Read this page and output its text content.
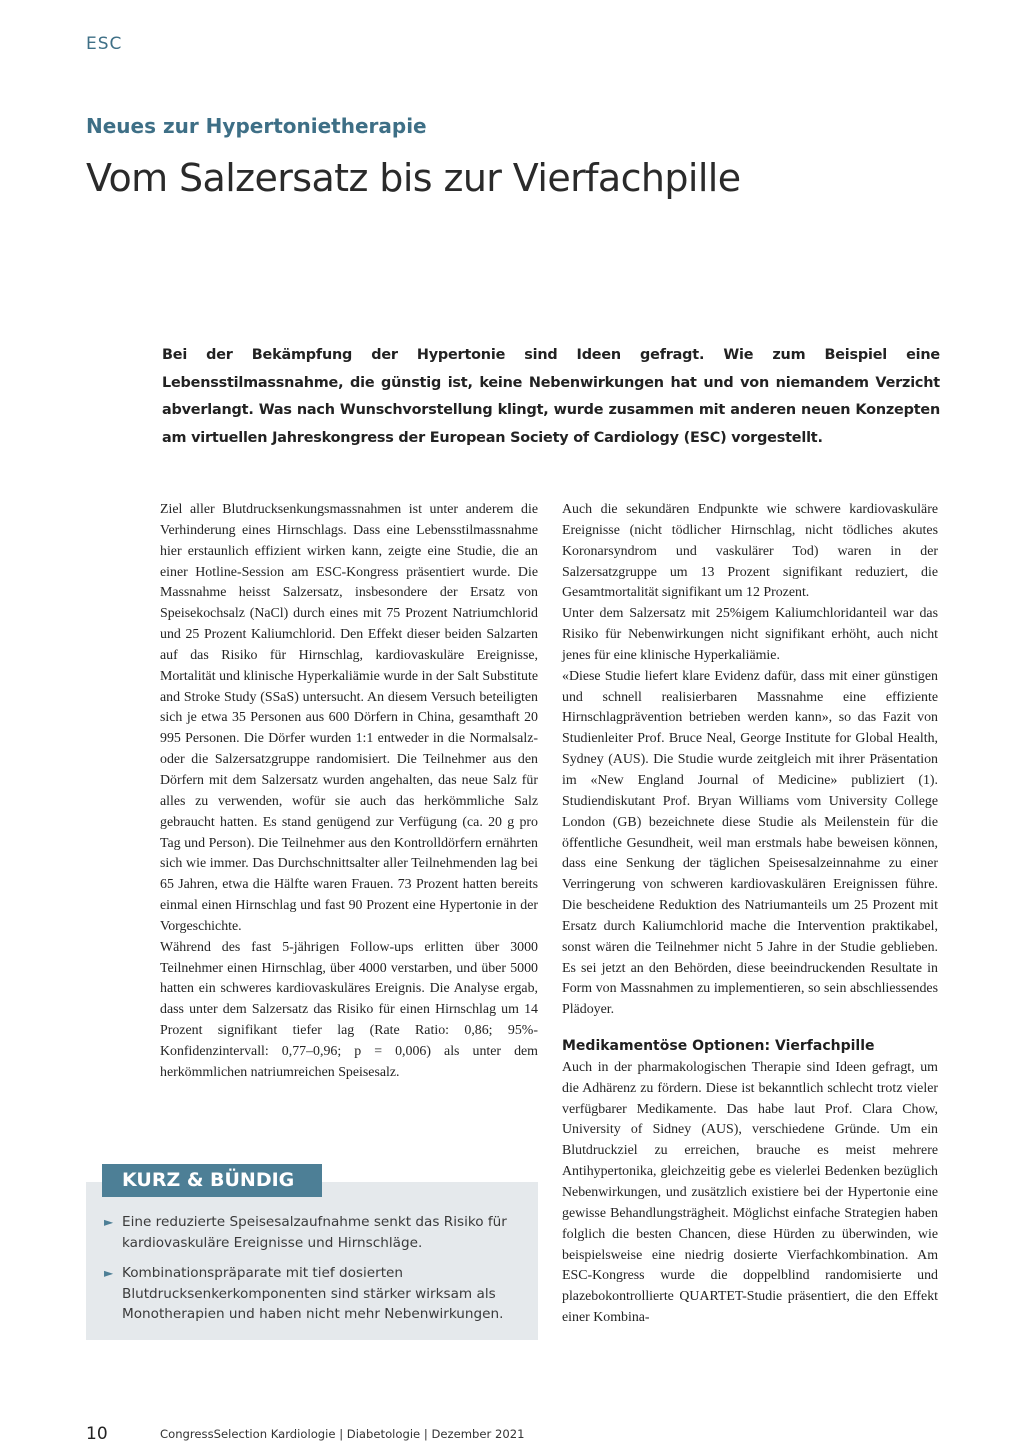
ESC
Neues zur Hypertonietherapie
Vom Salzersatz bis zur Vierfachpille
Bei der Bekämpfung der Hypertonie sind Ideen gefragt. Wie zum Beispiel eine Lebensstilmassnahme, die günstig ist, keine Nebenwirkungen hat und von niemandem Verzicht abverlangt. Was nach Wunschvorstellung klingt, wurde zusammen mit anderen neuen Konzepten am virtuellen Jahreskongress der European Society of Cardiology (ESC) vorgestellt.

Ziel aller Blutdrucksenkungsmassnahmen ist unter anderem die Verhinderung eines Hirnschlags. Dass eine Lebensstilmassnahme hier erstaunlich effizient wirken kann, zeigte eine Studie, die an einer Hotline-Session am ESC-Kongress präsentiert wurde. Die Massnahme heisst Salzersatz, insbesondere der Ersatz von Speisekochsalz (NaCl) durch eines mit 75 Prozent Natriumchlorid und 25 Prozent Kaliumchlorid. Den Effekt dieser beiden Salzarten auf das Risiko für Hirnschlag, kardiovaskuläre Ereignisse, Mortalität und klinische Hyperkaliämie wurde in der Salt Substitute and Stroke Study (SSaS) untersucht. An diesem Versuch beteiligten sich je etwa 35 Personen aus 600 Dörfern in China, gesamthaft 20 995 Personen. Die Dörfer wurden 1:1 entweder in die Normalsalz- oder die Salzersatzgruppe randomisiert. Die Teilnehmer aus den Dörfern mit dem Salzersatz wurden angehalten, das neue Salz für alles zu verwenden, wofür sie auch das herkömmliche Salz gebraucht hatten. Es stand genügend zur Verfügung (ca. 20 g pro Tag und Person). Die Teilnehmer aus den Kontrolldörfern ernährten sich wie immer. Das Durchschnittsalter aller Teilnehmenden lag bei 65 Jahren, etwa die Hälfte waren Frauen. 73 Prozent hatten bereits einmal einen Hirnschlag und fast 90 Prozent eine Hypertonie in der Vorgeschichte.

Während des fast 5-jährigen Follow-ups erlitten über 3000 Teilnehmer einen Hirnschlag, über 4000 verstarben, und über 5000 hatten ein schweres kardiovaskuläres Ereignis. Die Analyse ergab, dass unter dem Salzersatz das Risiko für einen Hirnschlag um 14 Prozent signifikant tiefer lag (Rate Ratio: 0,86; 95%-Konfidenzintervall: 0,77–0,96; p = 0,006) als unter dem herkömmlichen natriumreichen Speisesalz.

Auch die sekundären Endpunkte wie schwere kardiovaskuläre Ereignisse (nicht tödlicher Hirnschlag, nicht tödliches akutes Koronarsyndrom und vaskulärer Tod) waren in der Salzersatzgruppe um 13 Prozent signifikant reduziert, die Gesamtmortalität signifikant um 12 Prozent.

Unter dem Salzersatz mit 25%igem Kaliumchloridanteil war das Risiko für Nebenwirkungen nicht signifikant erhöht, auch nicht jenes für eine klinische Hyperkaliämie.

«Diese Studie liefert klare Evidenz dafür, dass mit einer günstigen und schnell realisierbaren Massnahme eine effiziente Hirnschlagprävention betrieben werden kann», so das Fazit von Studienleiter Prof. Bruce Neal, George Institute for Global Health, Sydney (AUS). Die Studie wurde zeitgleich mit ihrer Präsentation im «New England Journal of Medicine» publiziert (1). Studiendiskutant Prof. Bryan Williams vom University College London (GB) bezeichnete diese Studie als Meilenstein für die öffentliche Gesundheit, weil man erstmals habe beweisen können, dass eine Senkung der täglichen Speisesalzeinnahme zu einer Verringerung von schweren kardiovaskulären Ereignissen führe. Die bescheidene Reduktion des Natriumanteils um 25 Prozent mit Ersatz durch Kaliumchlorid mache die Intervention praktikabel, sonst wären die Teilnehmer nicht 5 Jahre in der Studie geblieben. Es sei jetzt an den Behörden, diese beeindruckenden Resultate in Form von Massnahmen zu implementieren, so sein abschliessendes Plädoyer.

Medikamentöse Optionen: Vierfachpille

Auch in der pharmakologischen Therapie sind Ideen gefragt, um die Adhärenz zu fördern. Diese ist bekanntlich schlecht trotz vieler verfügbarer Medikamente. Das habe laut Prof. Clara Chow, University of Sidney (AUS), verschiedene Gründe. Um ein Blutdruckziel zu erreichen, brauche es meist mehrere Antihypertonika, gleichzeitig gebe es vielerlei Bedenken bezüglich Nebenwirkungen, und zusätzlich existiere bei der Hypertonie eine gewisse Behandlungsträgheit. Möglichst einfache Strategien haben folglich die besten Chancen, diese Hürden zu überwinden, wie beispielsweise eine niedrig dosierte Vierfachkombination. Am ESC-Kongress wurde die doppelblind randomisierte und plazebokontrollierte QUARTET-Studie präsentiert, die den Effekt einer Kombina-

KURZ & BÜNDIG
► Eine reduzierte Speisesalzaufnahme senkt das Risiko für kardiovaskuläre Ereignisse und Hirnschläge.
► Kombinationspräparate mit tief dosierten Blutdrucksenkerkomponenten sind stärker wirksam als Monotherapien und haben nicht mehr Nebenwirkungen.
10	CongressSelection Kardiologie | Diabetologie | Dezember 2021
